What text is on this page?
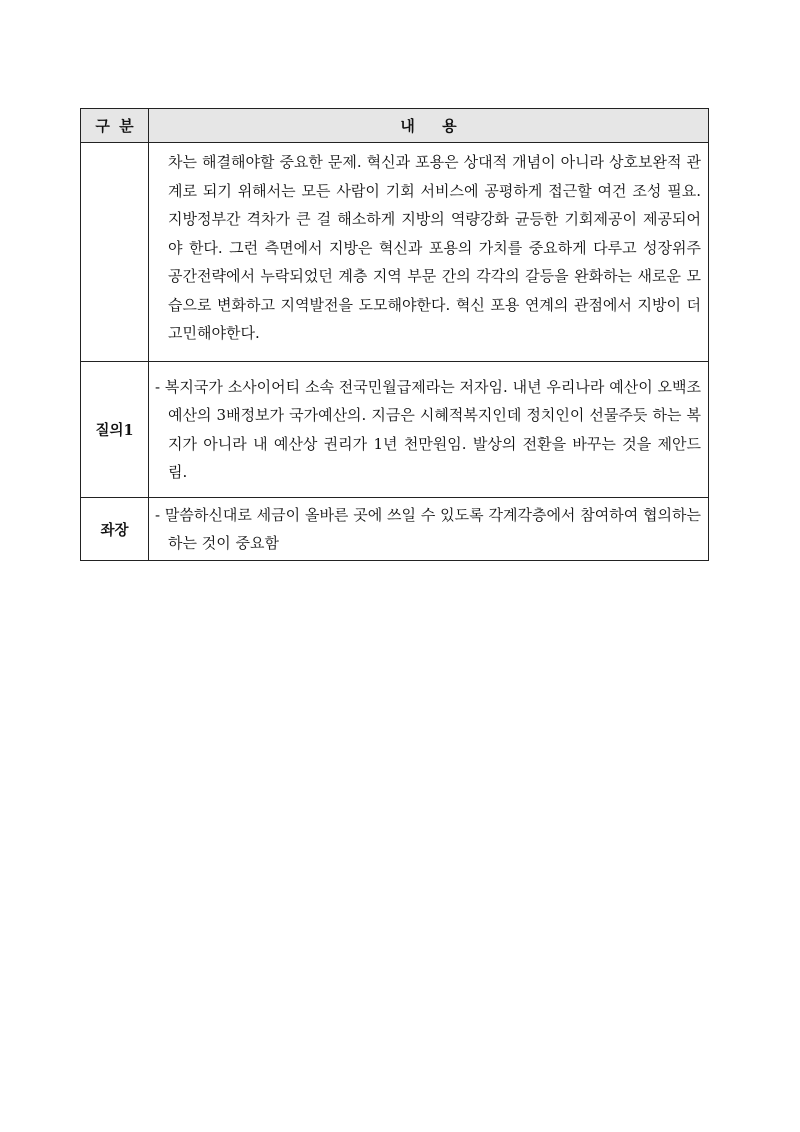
구 분	내 용

	차는 해결해야할 중요한 문제. 혁신과 포용은 상대적 개념이 아니라 상호보완적 관계로 되기 위해서는 모든 사람이 기회 서비스에 공평하게 접근할 여건 조성 필요. 지방정부간 격차가 큰 걸 해소하게 지방의 역량강화 균등한 기회제공이 제공되어야 한다. 그런 측면에서 지방은 혁신과 포용의 가치를 중요하게 다루고 성장위주 공간전략에서 누락되었던 계층 지역 부문 간의 각각의 갈등을 완화하는 새로운 모습으로 변화하고 지역발전을 도모해야한다. 혁신 포용 연계의 관점에서 지방이 더 고민해야한다.

질의1	- 복지국가 소사이어티 소속 전국민월급제라는 저자임. 내년 우리나라 예산이 오백조 예산의 3배정보가 국가예산의. 지금은 시혜적복지인데 정치인이 선물주듯 하는 복지가 아니라 내 예산상 권리가 1년 천만원임. 발상의 전환을 바꾸는 것을 제안드림.

좌장	- 말씀하신대로 세금이 올바른 곳에 쓰일 수 있도록 각계각층에서 참여하여 협의하는 하는 것이 중요함
